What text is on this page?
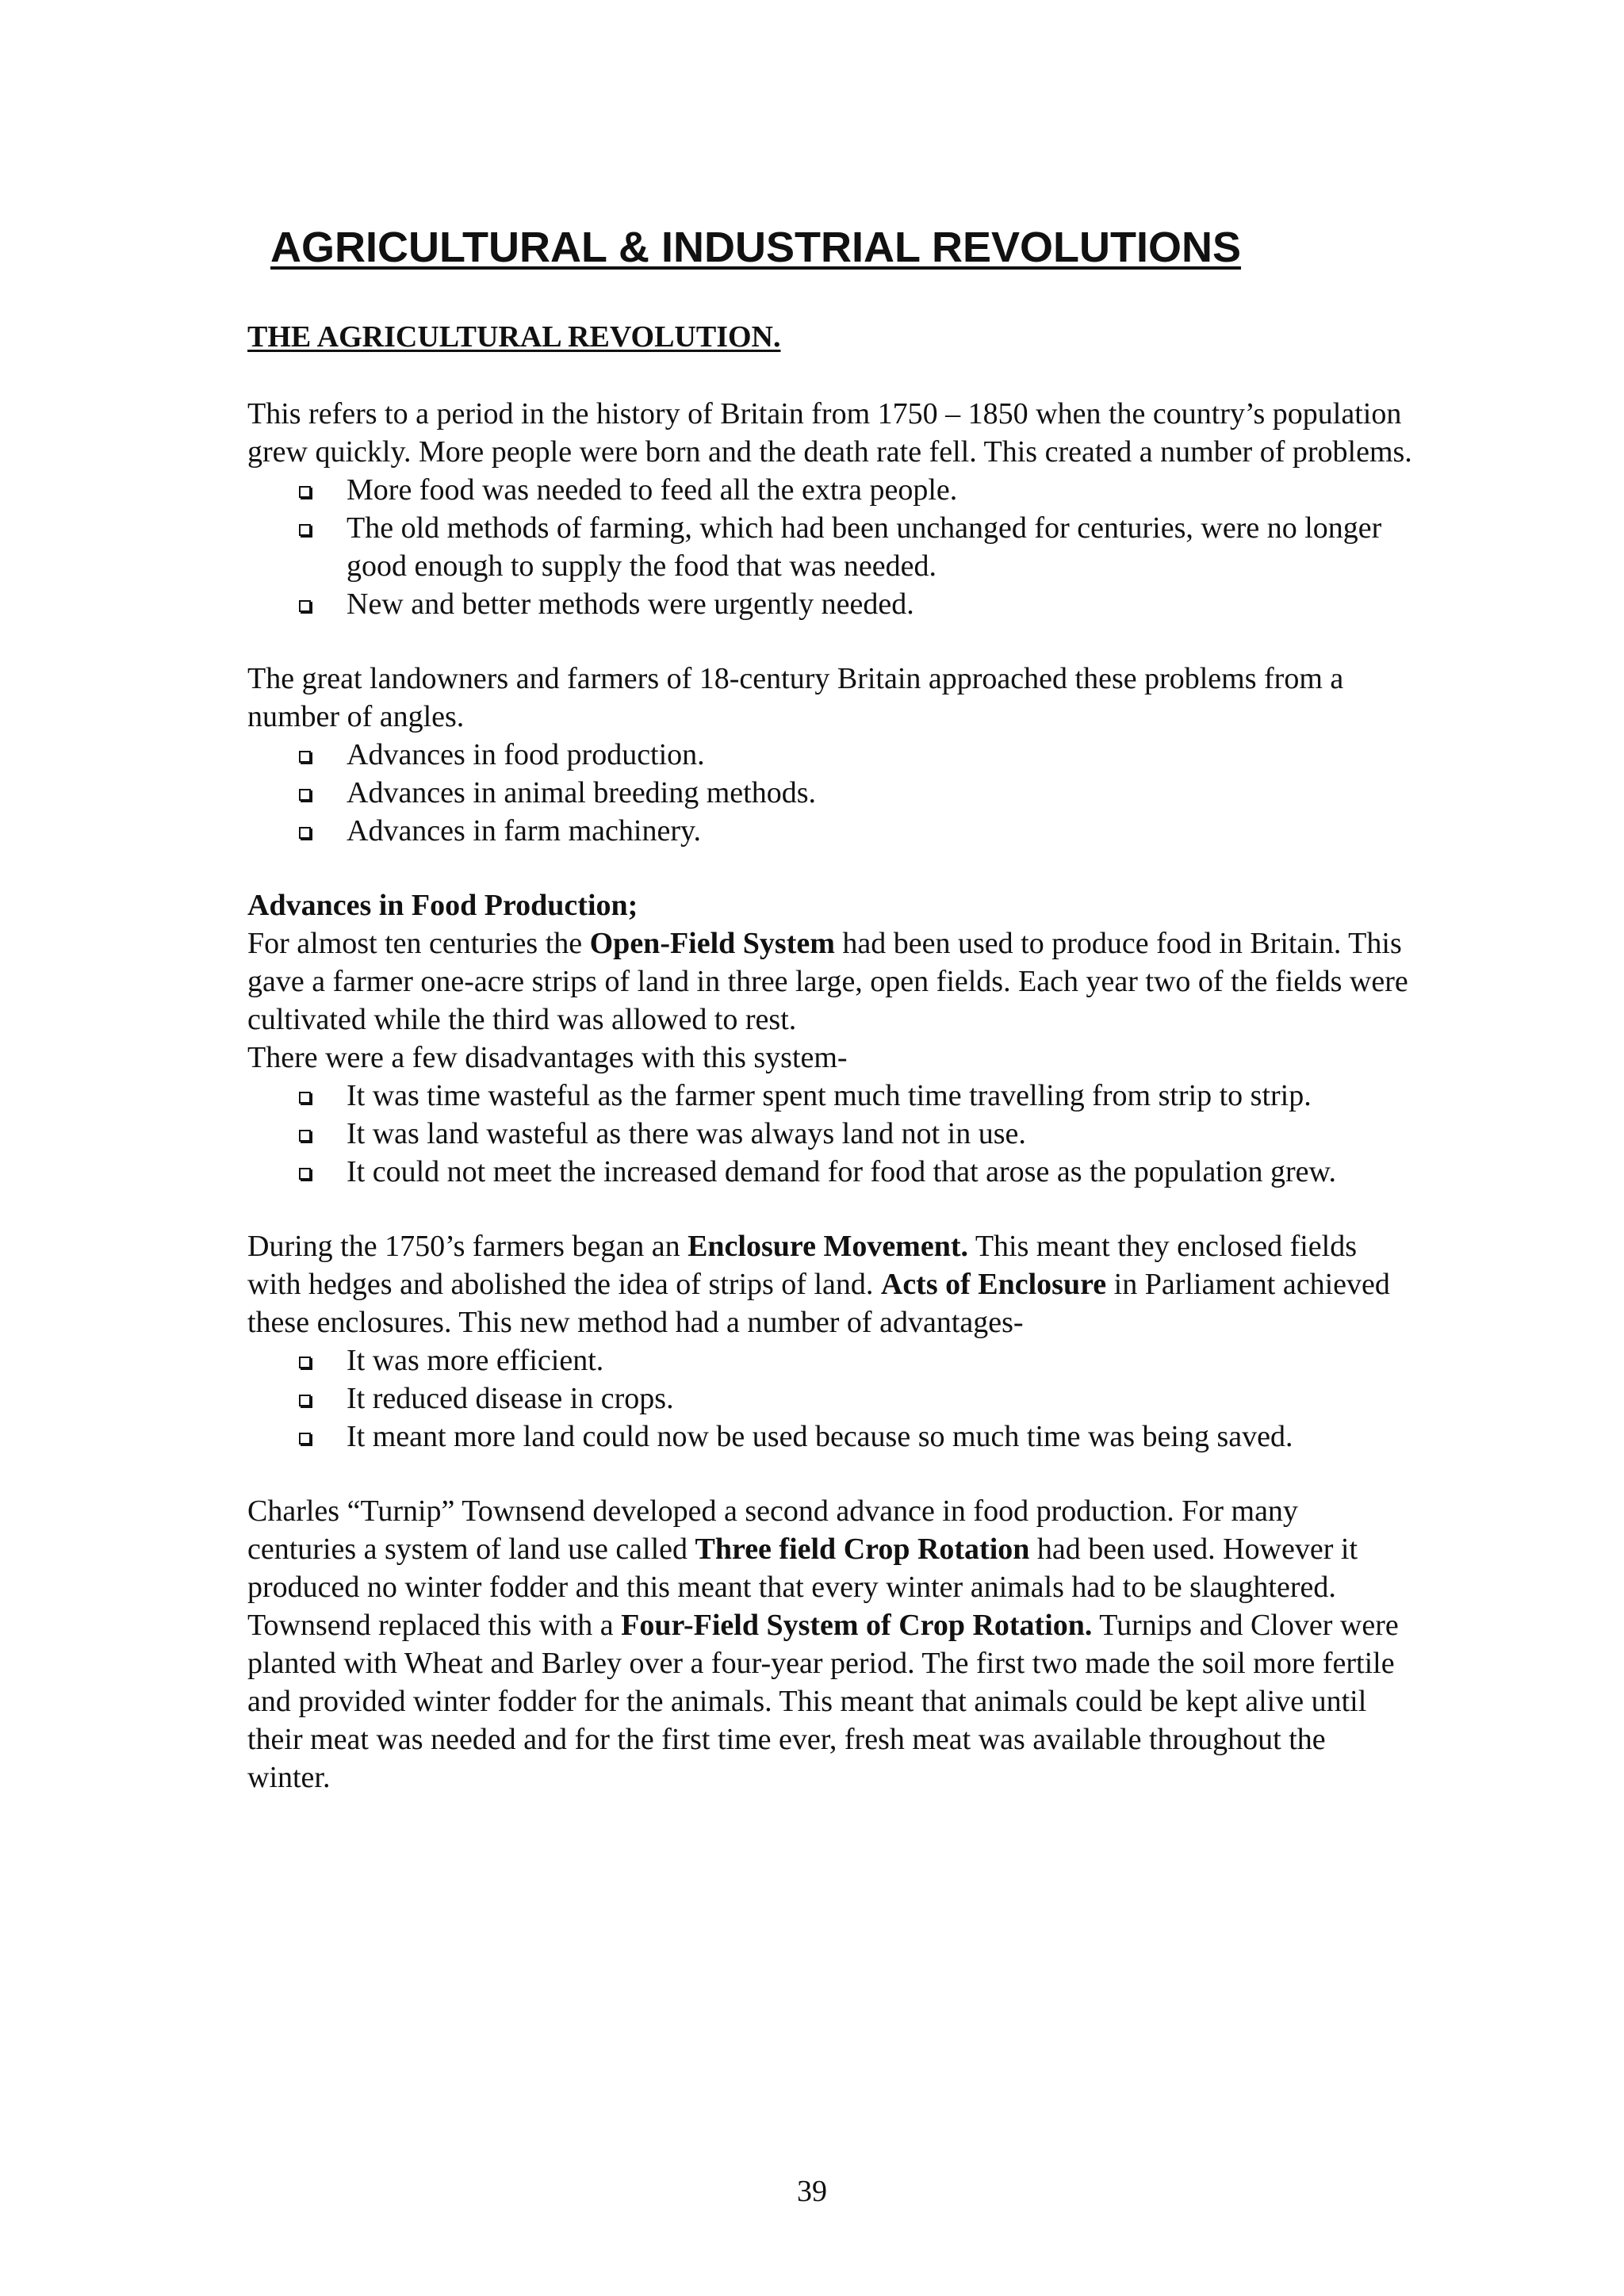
AGRICULTURAL & INDUSTRIAL REVOLUTIONS
THE AGRICULTURAL REVOLUTION.

This refers to a period in the history of Britain from 1750 – 1850 when the country’s population grew quickly. More people were born and the death rate fell. This created a number of problems.

More food was needed to feed all the extra people.
The old methods of farming, which had been unchanged for centuries, were no longer good enough to supply the food that was needed.
New and better methods were urgently needed.

The great landowners and farmers of 18-century Britain approached these problems from a number of angles.

Advances in food production.
Advances in animal breeding methods.
Advances in farm machinery.

Advances in Food Production;

For almost ten centuries the Open-Field System had been used to produce food in Britain. This gave a farmer one-acre strips of land in three large, open fields. Each year two of the fields were cultivated while the third was allowed to rest.

There were a few disadvantages with this system-

It was time wasteful as the farmer spent much time travelling from strip to strip.
It was land wasteful as there was always land not in use.
It could not meet the increased demand for food that arose as the population grew.

During the 1750’s farmers began an Enclosure Movement. This meant they enclosed fields with hedges and abolished the idea of strips of land. Acts of Enclosure in Parliament achieved these enclosures. This new method had a number of advantages-

It was more efficient.
It reduced disease in crops.
It meant more land could now be used because so much time was being saved.

Charles “Turnip” Townsend developed a second advance in food production. For many centuries a system of land use called Three field Crop Rotation had been used. However it produced no winter fodder and this meant that every winter animals had to be slaughtered. Townsend replaced this with a Four-Field System of Crop Rotation. Turnips and Clover were planted with Wheat and Barley over a four-year period. The first two made the soil more fertile and provided winter fodder for the animals. This meant that animals could be kept alive until their meat was needed and for the first time ever, fresh meat was available throughout the winter.

39
